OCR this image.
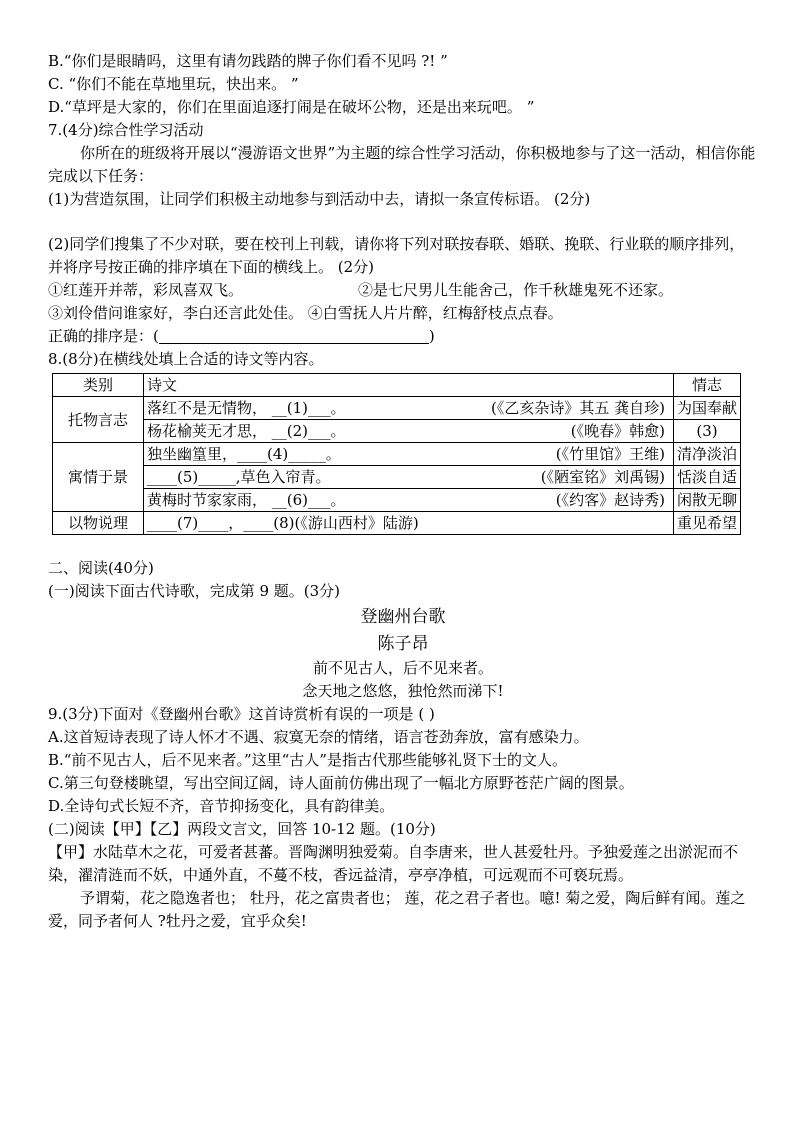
B.“你们是眼睛吗，这里有请勿践踏的牌子你们看不见吗 ?! ”
C. “你们不能在草地里玩，快出来。 ”
D.“草坪是大家的，你们在里面追逐打闹是在破坏公物，还是出来玩吧。 ”
7.(4分)综合性学习活动
你所在的班级将开展以“漫游语文世界”为主题的综合性学习活动，你积极地参与了这一活动，相信你能完成以下任务：
(1)为营造氛围，让同学们积极主动地参与到活动中去，请拟一条宣传标语。 (2分)
(2)同学们搜集了不少对联，要在校刊上刊载，请你将下列对联按春联、婚联、挽联、行业联的顺序排列，并将序号按正确的排序填在下面的横线上。 (2分)
①红莲开并蒂，彩凤喜双飞。	②是七尺男儿生能舍己，作千秋雄鬼死不还家。
③刘伶借问谁家好，李白还言此处佳。 ④白雪抚人片片醉，红梅舒枝点点春。
正确的排序是：(	)
8.(8分)在横线处填上合适的诗文等内容。
类别	诗文	情志
托物言志	落红不是无情物， __(1)___。 (《乙亥杂诗》其五 龚自珍)	为国奉献
	杨花榆荚无才思， __(2)___。 (《晚春》韩愈)	(3)
寓情于景	独坐幽篁里，____(4)_____。 (《竹里馆》王维)	清净淡泊
	____(5)_____,草色入帘青。 (《陋室铭》刘禹锡)	恬淡自适
	黄梅时节家家雨， __(6)___。 (《约客》赵诗秀)	闲散无聊
以物说理	____(7)____，____(8)(《游山西村》陆游)	重见希望
二、阅读(40分)
(一)阅读下面古代诗歌，完成第 9 题。(3分)
登幽州台歌
陈子昂
前不见古人，后不见来者。
念天地之悠悠，独怆然而涕下!
9.(3分)下面对《登幽州台歌》这首诗赏析有误的一项是 ( )
A.这首短诗表现了诗人怀才不遇、寂寞无奈的情绪，语言苍劲奔放，富有感染力。
B.“前不见古人，后不见来者。”这里“古人”是指古代那些能够礼贤下士的文人。
C.第三句登楼眺望，写出空间辽阔，诗人面前仿佛出现了一幅北方原野苍茫广阔的图景。
D.全诗句式长短不齐，音节抑扬变化，具有韵律美。
(二)阅读【甲】【乙】两段文言文，回答 10-12 题。(10分)
【甲】水陆草木之花，可爱者甚蕃。晋陶渊明独爱菊。自李唐来，世人甚爱牡丹。予独爱莲之出淤泥而不染，濯清涟而不妖，中通外直，不蔓不枝，香远益清，亭亭净植，可远观而不可亵玩焉。
予谓菊，花之隐逸者也； 牡丹，花之富贵者也； 莲，花之君子者也。噫! 菊之爱，陶后鲜有闻。莲之爱，同予者何人 ?牡丹之爱，宜乎众矣!
